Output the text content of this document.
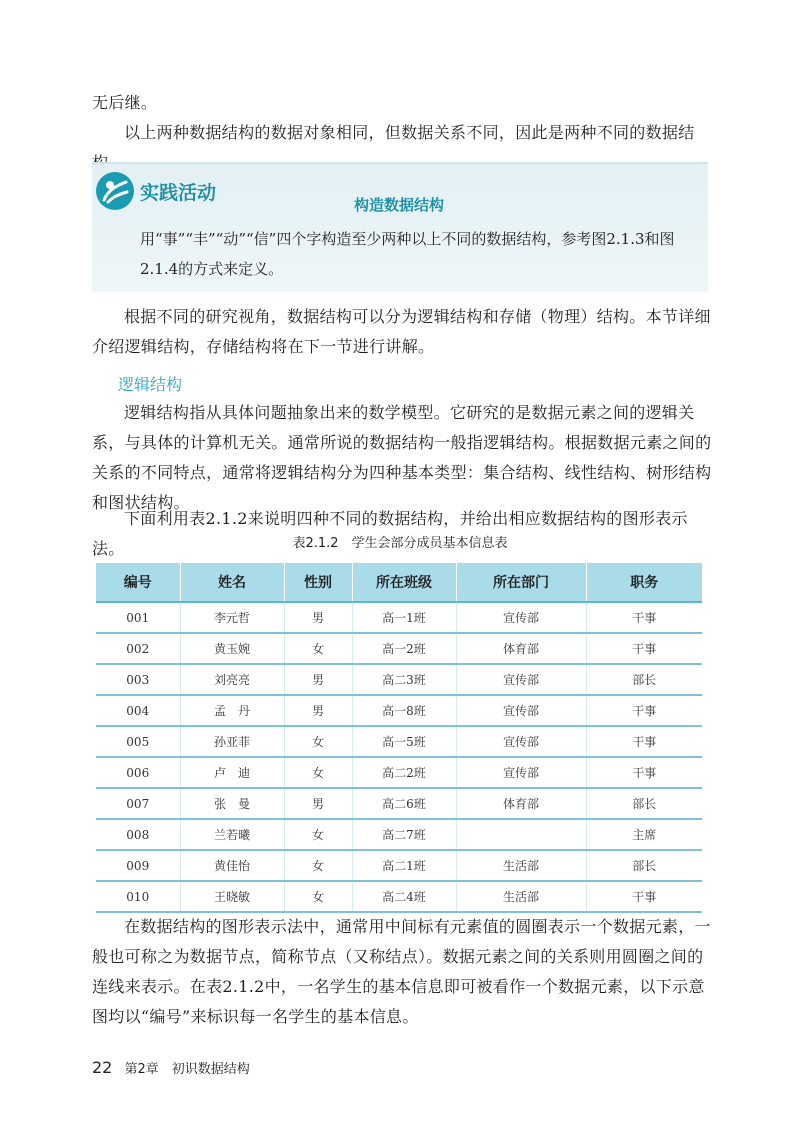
无后继。

以上两种数据结构的数据对象相同，但数据关系不同，因此是两种不同的数据结

实践活动
构造数据结构

用“事”“丰”“动”“信”四个字构造至少两种以上不同的数据结构，参考图2.1.3和图2.1.4的方式来定义。

根据不同的研究视角，数据结构可以分为逻辑结构和存储（物理）结构。本节详细介绍逻辑结构，存储结构将在下一节进行讲解。

逻辑结构

逻辑结构指从具体问题抽象出来的数学模型。它研究的是数据元素之间的逻辑关系，与具体的计算机无关。通常所说的数据结构一般指逻辑结构。根据数据元素之间的关系的不同特点，通常将逻辑结构分为四种基本类型：集合结构、线性结构、树形结构和图状结构。

下面利用表2.1.2来说明四种不同的数据结构，并给出相应数据结构的图形表示法。	表2.1.2　学生会部分成员基本信息表
编号	姓名	性别	所在班级	所在部门	职务
001	李元哲	男	高一1班	宣传部	干事
002	黄玉婉	女	高一2班	体育部	干事
003	刘亮亮	男	高二3班	宣传部	部长
004	孟　丹	男	高一8班	宣传部	干事
005	孙亚菲	女	高一5班	宣传部	干事
006	卢　迪	女	高二2班	宣传部	干事
007	张　曼	男	高二6班	体育部	部长
008	兰若曦	女	高二7班		主席
009	黄佳怡	女	高二1班	生活部	部长
010	王晓敏	女	高二4班	生活部	干事

在数据结构的图形表示法中，通常用中间标有元素值的圆圈表示一个数据元素，一般也可称之为数据节点，简称节点（又称结点）。数据元素之间的关系则用圆圈之间的连线来表示。在表2.1.2中，一名学生的基本信息即可被看作一个数据元素，以下示意图均以“编号”来标识每一名学生的基本信息。

22 第2章　初识数据结构
